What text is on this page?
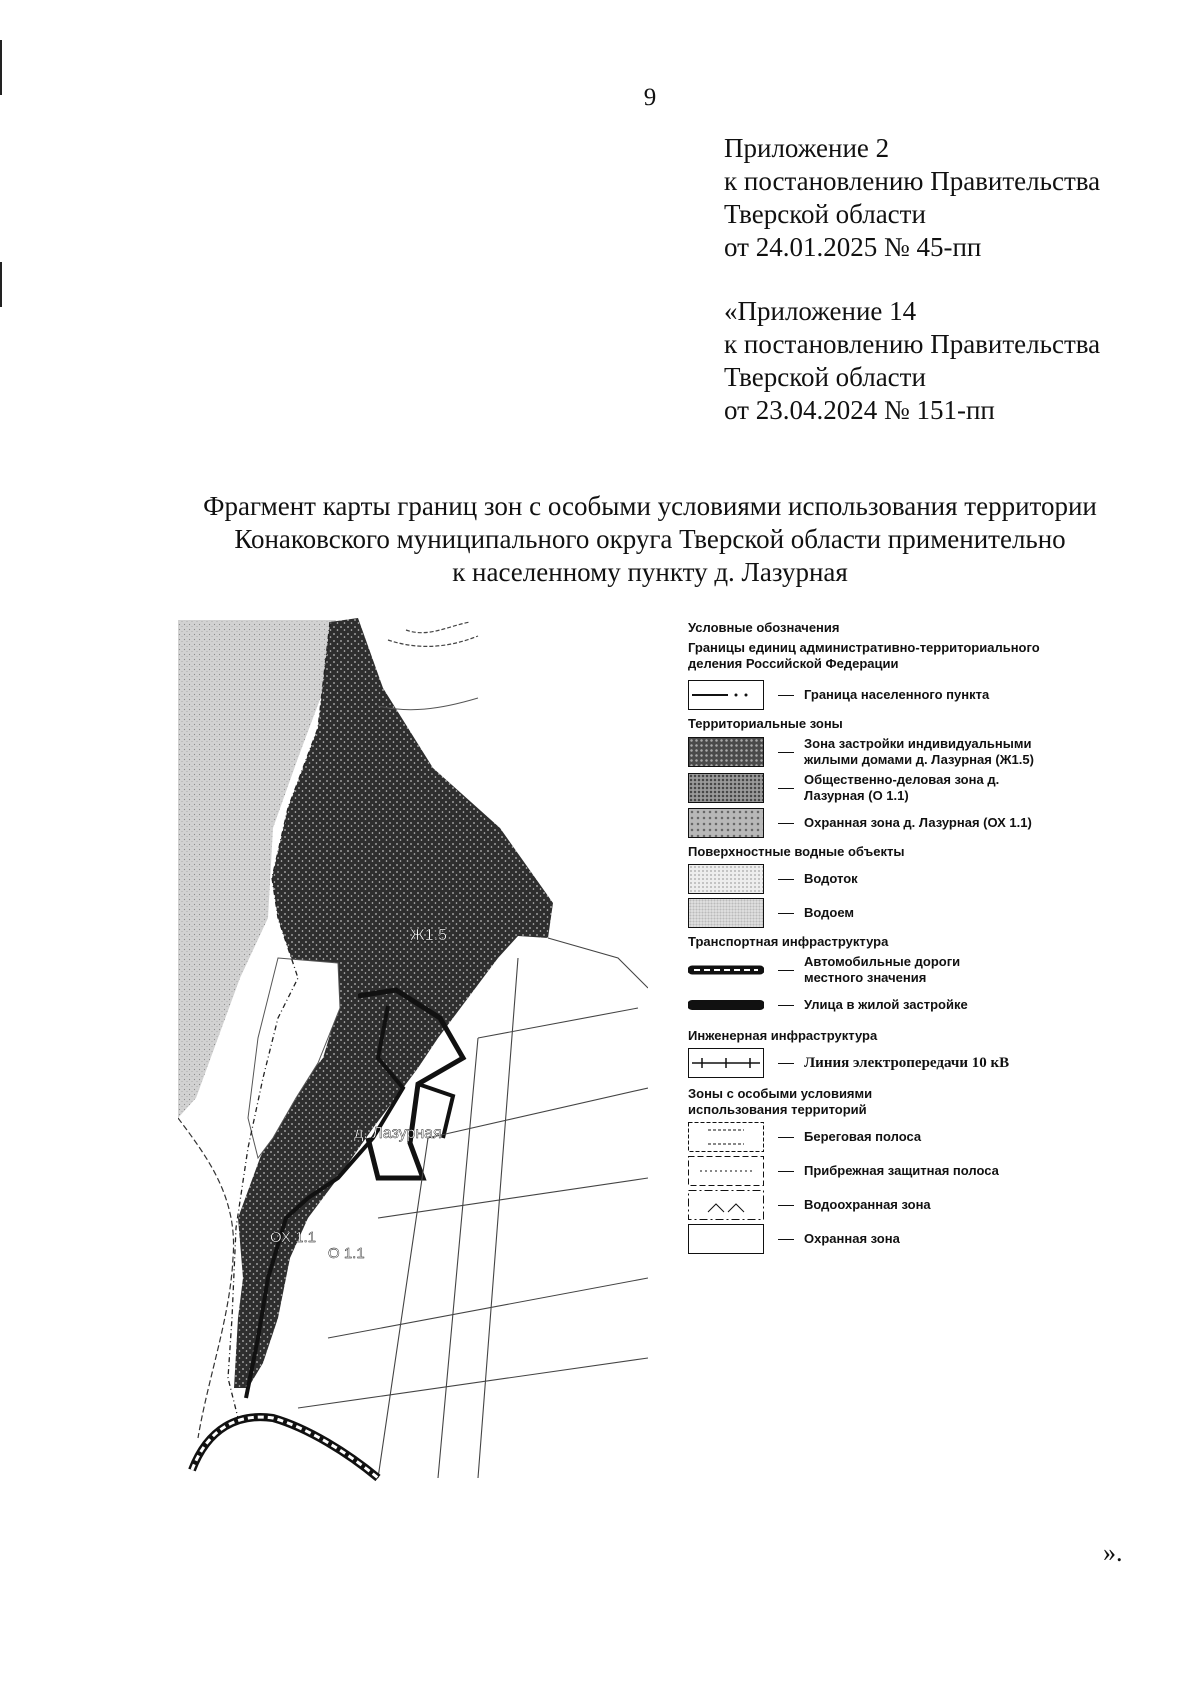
9
Приложение 2
к постановлению Правительства
Тверской области
от 24.01.2025 № 45-пп
«Приложение 14
к постановлению Правительства
Тверской области
от 23.04.2024 № 151-пп
Фрагмент карты границ зон с особыми условиями использования территории
Конаковского муниципального округа Тверской области применительно
к населенному пункту д. Лазурная
Ж1.5
д. Лазурная
ОХ 1.1
О 1.1
Условные обозначения
Границы единиц административно-территориального деления Российской Федерации
Граница населенного пункта
Территориальные зоны
Зона застройки индивидуальными жилыми домами д. Лазурная (Ж1.5)
Общественно-деловая зона д. Лазурная (О 1.1)
Охранная зона д. Лазурная (ОХ 1.1)
Поверхностные водные объекты
Водоток
Водоем
Транспортная инфраструктура
Автомобильные дороги местного значения
Улица в жилой застройке
Инженерная инфраструктура
Линия электропередачи 10 кВ
Зоны с особыми условиями использования территорий
Береговая полоса
Прибрежная защитная полоса
Водоохранная зона
Охранная зона
».
